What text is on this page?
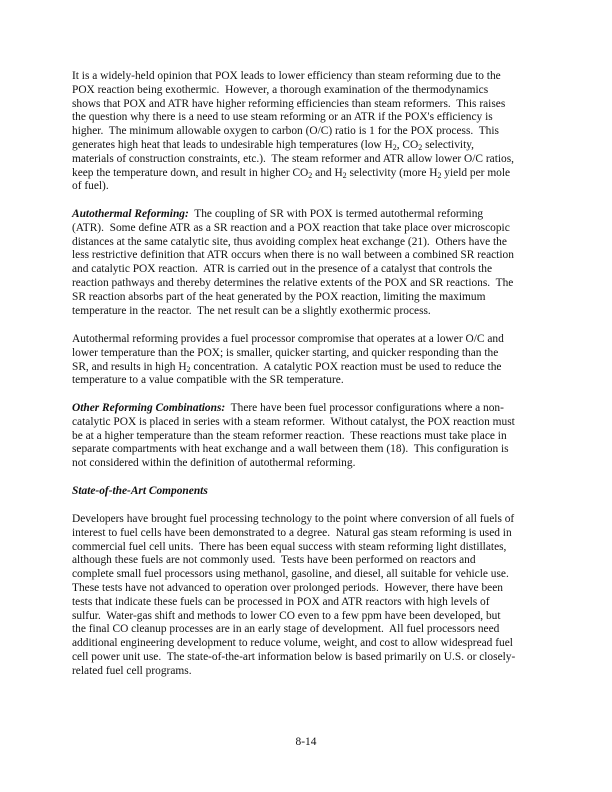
It is a widely-held opinion that POX leads to lower efficiency than steam reforming due to the
POX reaction being exothermic.  However, a thorough examination of the thermodynamics
shows that POX and ATR have higher reforming efficiencies than steam reformers.  This raises
the question why there is a need to use steam reforming or an ATR if the POX's efficiency is
higher.  The minimum allowable oxygen to carbon (O/C) ratio is 1 for the POX process.  This
generates high heat that leads to undesirable high temperatures (low $H_2$, $CO_2$ selectivity,
materials of construction constraints, etc.).  The steam reformer and ATR allow lower O/C ratios,
keep the temperature down, and result in higher $CO_2$ and $H_2$ selectivity (more $H_2$ yield per mole
of fuel).
Autothermal Reforming:  The coupling of SR with POX is termed autothermal reforming
(ATR).  Some define ATR as a SR reaction and a POX reaction that take place over microscopic
distances at the same catalytic site, thus avoiding complex heat exchange (21).  Others have the
less restrictive definition that ATR occurs when there is no wall between a combined SR reaction
and catalytic POX reaction.  ATR is carried out in the presence of a catalyst that controls the
reaction pathways and thereby determines the relative extents of the POX and SR reactions.  The
SR reaction absorbs part of the heat generated by the POX reaction, limiting the maximum
temperature in the reactor.  The net result can be a slightly exothermic process.
Autothermal reforming provides a fuel processor compromise that operates at a lower O/C and
lower temperature than the POX; is smaller, quicker starting, and quicker responding than the
SR, and results in high $H_2$ concentration.  A catalytic POX reaction must be used to reduce the
temperature to a value compatible with the SR temperature.
Other Reforming Combinations:  There have been fuel processor configurations where a non-
catalytic POX is placed in series with a steam reformer.  Without catalyst, the POX reaction must
be at a higher temperature than the steam reformer reaction.  These reactions must take place in
separate compartments with heat exchange and a wall between them (18).  This configuration is
not considered within the definition of autothermal reforming.
State-of-the-Art Components
Developers have brought fuel processing technology to the point where conversion of all fuels of
interest to fuel cells have been demonstrated to a degree.  Natural gas steam reforming is used in
commercial fuel cell units.  There has been equal success with steam reforming light distillates,
although these fuels are not commonly used.  Tests have been performed on reactors and
complete small fuel processors using methanol, gasoline, and diesel, all suitable for vehicle use.
These tests have not advanced to operation over prolonged periods.  However, there have been
tests that indicate these fuels can be processed in POX and ATR reactors with high levels of
sulfur.  Water-gas shift and methods to lower CO even to a few ppm have been developed, but
the final CO cleanup processes are in an early stage of development.  All fuel processors need
additional engineering development to reduce volume, weight, and cost to allow widespread fuel
cell power unit use.  The state-of-the-art information below is based primarily on U.S. or closely-
related fuel cell programs.
8-14
